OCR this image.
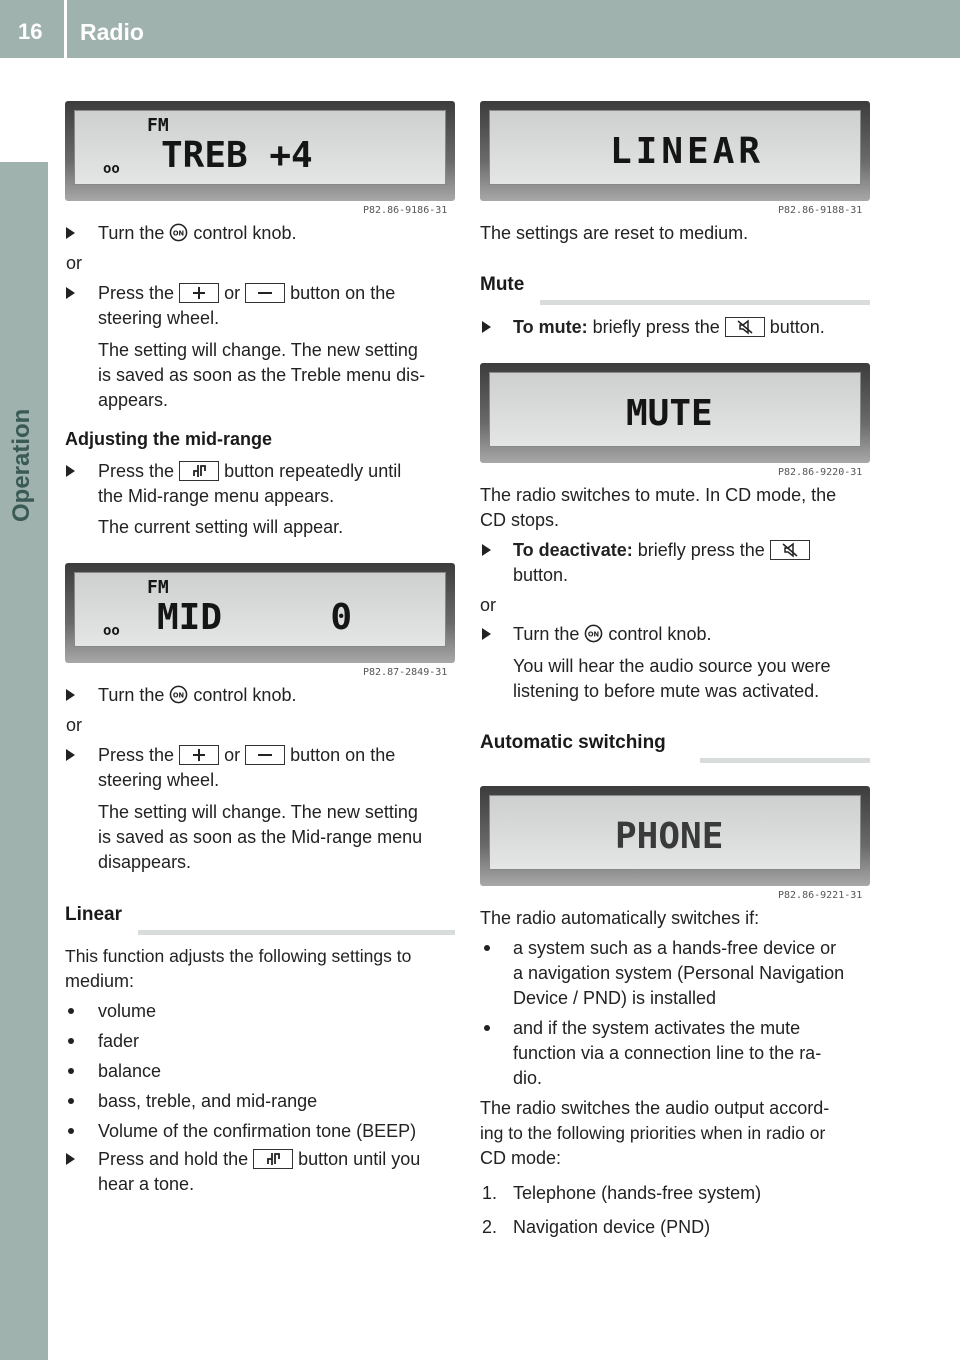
16 Radio
Operation
FM
TREB +4
oo
P82.86-9186-31
Turn the control knob.
or
Press the	or	button on the
steering wheel.
The setting will change. The new setting
is saved as soon as the Treble menu dis-
appears.
Adjusting the mid-range
Press the	button repeatedly until
the Mid-range menu appears.
The current setting will appear.
FM
MID     0
oo
P82.87-2849-31
Turn the control knob.
or
Press the	or	button on the
steering wheel.
The setting will change. The new setting
is saved as soon as the Mid-range menu
disappears.
Linear
This function adjusts the following settings to
medium:
volume
fader
balance
bass, treble, and mid-range
Volume of the confirmation tone (BEEP)
Press and hold the	button until you
hear a tone.
LINEAR
P82.86-9188-31
The settings are reset to medium.
Mute
To mute: briefly press the	button.
MUTE
P82.86-9220-31
The radio switches to mute. In CD mode, the
CD stops.
To deactivate: briefly press the
button.
or
Turn the control knob.
You will hear the audio source you were
listening to before mute was activated.
Automatic switching
PHONE
P82.86-9221-31
The radio automatically switches if:
a system such as a hands-free device or
a navigation system (Personal Navigation
Device / PND) is installed
and if the system activates the mute
function via a connection line to the ra-
dio.
The radio switches the audio output accord-
ing to the following priorities when in radio or
CD mode:
1. Telephone (hands-free system)
2. Navigation device (PND)
